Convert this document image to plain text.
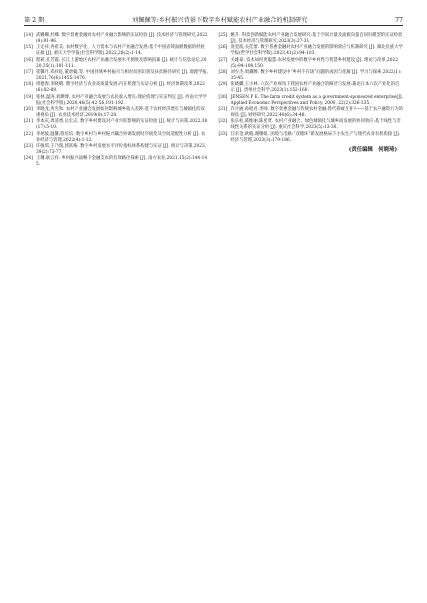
第 2 期	刘佩佩等:乡村振兴背景下数字乡村赋能农村产业融合的机制研究	77
[14] 武姗姗,杜娜. 数字普惠金融对农村产业融合影响的实证检验 [J]. 技术经济与管理研究,2022(8):91-96.
[15] 王定祥,冉希美. 农村数字化、人力资本与农村产业融合发展:基于中国省域面板数据的经验证据 [J]. 重庆大学学报(社会科学版),2022,28(2):1-14.
[16] 程莉,孔芳霞. 长江上游地区农村产业融合发展水平测度及影响因素 [J]. 统计与信息论坛,2020,35(1):101-111.
[17] 崔馨月,邓祥征,董唐翰,等. 中国县域乡村振兴与相对贫困识别及扶贫路径研究 [J]. 地理学报,2021,76(6):1455-1470.
[18] 周德春,李晓晴. 数字经济与农业高质量发展:内在机理与实证分析 [J]. 经济体制改革,2022(6):82-89.
[19] 张林,温涛,刘渊博. 农村产业融合发展与农民收入增长:理论机理与实证判定 [J]. 西南大学学报(社会科学版),2020,46(5):42-56,191-192.
[20] 李晓龙,冉光和. 农村产业融合发展如何影响城乡收入差距:基于农村经济增长与城镇化的双重视角 [J]. 农业技术经济,2019(8):17-28.
[21] 李本庆,周清香,岳宏志. 数字乡村建设对产业兴旺影响的实证检验 [J]. 统计与决策,2022,38(17):5-10.
[22] 李炳波,温馨,殷培培. 数字乡村与乡村振兴耦合协调发展时序演变及空间适配性分析 [J]. 农业经济与管理,2022(4):1-12.
[23] 许敏琪,王乃瑞,郭富格. 数字乡村发展水平评价指标体系构建与实证 [J]. 统计与决策,2023,39(2):73-77.
[24] 王珊,耿云祥. 乡村振兴战略下金融支农的有效路径探索 [J]. 南方农业,2021,15(2):144-145.
[25] 姚升. 科技创新赋能农村产业融合发展研究:基于空间计量及面板向量自回归模型的实证检验 [J]. 技术经济与管理研究,2023(3):27-31.
[26] 庞金波,关佳蕾. 数字普惠金融对农村产业融合发展的影响效应与机制研究 [J]. 湖北民族大学学报(哲学社会科学版),2023,41(2):94-103.
[27] 关雄泰. 技术如何更聪慧:农村发展中的数字乡村性与智慧乡村建设 [J]. 理论与改革,2022(5):94-108,150.
[28] 刘少杰,周骥腾. 数字乡村建设中“乡村不在场”问题的成因与化解 [J]. 学习与探索,2022(1):35-45.
[29] 张晓麟,王小林. 六次产业视角下我国农村产业融合的路径与发展:兼论日本六次产业化的启示 [J]. 贵州社会科学,2023(1):152-160.
[30] JENSEN P E. The farm credit system as a government-sponsored enterprise[J]. Applied Economic Perspectives and Policy, 2000, 22(2):326-335.
[31] 许月丽,孙昭君,李帅. 数字普惠金融与传统农村金融:替代抑或互补?——基于农户融资行为的视角 [J]. 财经研究,2022,48(6):34-48.
[32] 张乐柱,葛维丽,陈星贤. 农村产业融合、绿色城镇化与城乡间发展的协同效应:基于线性与非线性关系的实证分析 [J]. 重庆社会科学,2023(5):13-30.
[33] 汪禾金,欧殿,谢珊娘. 困境与出路:“双循环”新发展格局下小农生产与现代农业有机衔接 [J]. 经济与管理,2023(3):179-186.
(责任编辑　何晓琦)
